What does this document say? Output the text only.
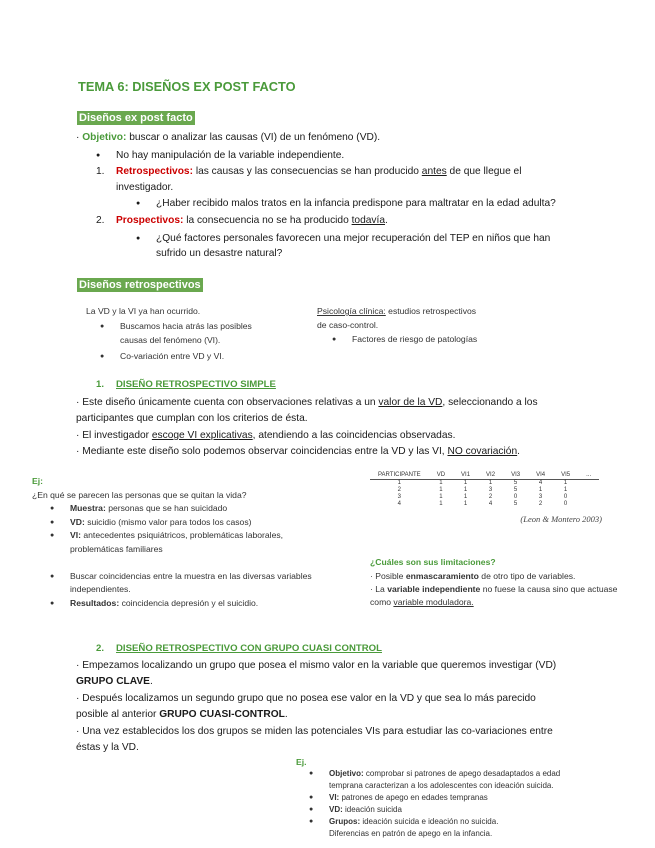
TEMA 6: DISEÑOS EX POST FACTO
Diseños ex post facto
· Objetivo: buscar o analizar las causas (VI) de un fenómeno (VD).
No hay manipulación de la variable independiente.
1. Retrospectivos: las causas y las consecuencias se han producido antes de que llegue el
investigador.
¿Haber recibido malos tratos en la infancia predispone para maltratar en la edad adulta?
2. Prospectivos: la consecuencia no se ha producido todavía.
¿Qué factores personales favorecen una mejor recuperación del TEP en niños que han
sufrido un desastre natural?
Diseños retrospectivos
La VD y la VI ya han ocurrido.
Buscamos hacia atrás las posibles
causas del fenómeno (VI).
Co-variación entre VD y VI.
Psicología clínica: estudios retrospectivos
de caso-control.
Factores de riesgo de patologías
1. DISEÑO RETROSPECTIVO SIMPLE
· Este diseño únicamente cuenta con observaciones relativas a un valor de la VD, seleccionando a los
participantes que cumplan con los criterios de ésta.
· El investigador escoge VI explicativas, atendiendo a las coincidencias observadas.
· Mediante este diseño solo podemos observar coincidencias entre la VD y las VI, NO covariación.
Ej:
¿En qué se parecen las personas que se quitan la vida?
Muestra: personas que se han suicidado
VD: suicidio (mismo valor para todos los casos)
VI: antecedentes psiquiátricos, problemáticas laborales,
problemáticas familiares
Buscar coincidencias entre la muestra en las diversas variables
independientes.
Resultados: coincidencia depresión y el suicidio.
PARTICIPANTE	VD	VI1	VI2	VI3	VI4	VI5	...
1	1	1	1	5	4	1	
2	1	1	3	5	1	1	
3	1	1	2	0	3	0	
4	1	1	4	5	2	0	
(Leon & Montero 2003)
¿Cuáles son sus limitaciones?
· Posible enmascaramiento de otro tipo de variables.
· La variable independiente no fuese la causa sino que actuase
como variable moduladora.
2. DISEÑO RETROSPECTIVO CON GRUPO CUASI CONTROL
· Empezamos localizando un grupo que posea el mismo valor en la variable que queremos investigar (VD)
GRUPO CLAVE.
· Después localizamos un segundo grupo que no posea ese valor en la VD y que sea lo más parecido
posible al anterior GRUPO CUASI-CONTROL.
· Una vez establecidos los dos grupos se miden las potenciales VIs para estudiar las co-variaciones entre
éstas y la VD.
Ej.
Objetivo: comprobar si patrones de apego desadaptados a edad
temprana caracterizan a los adolescentes con ideación suicida.
VI: patrones de apego en edades tempranas
VD: ideación suicida
Grupos: ideación suicida e ideación no suicida.
Diferencias en patrón de apego en la infancia.
